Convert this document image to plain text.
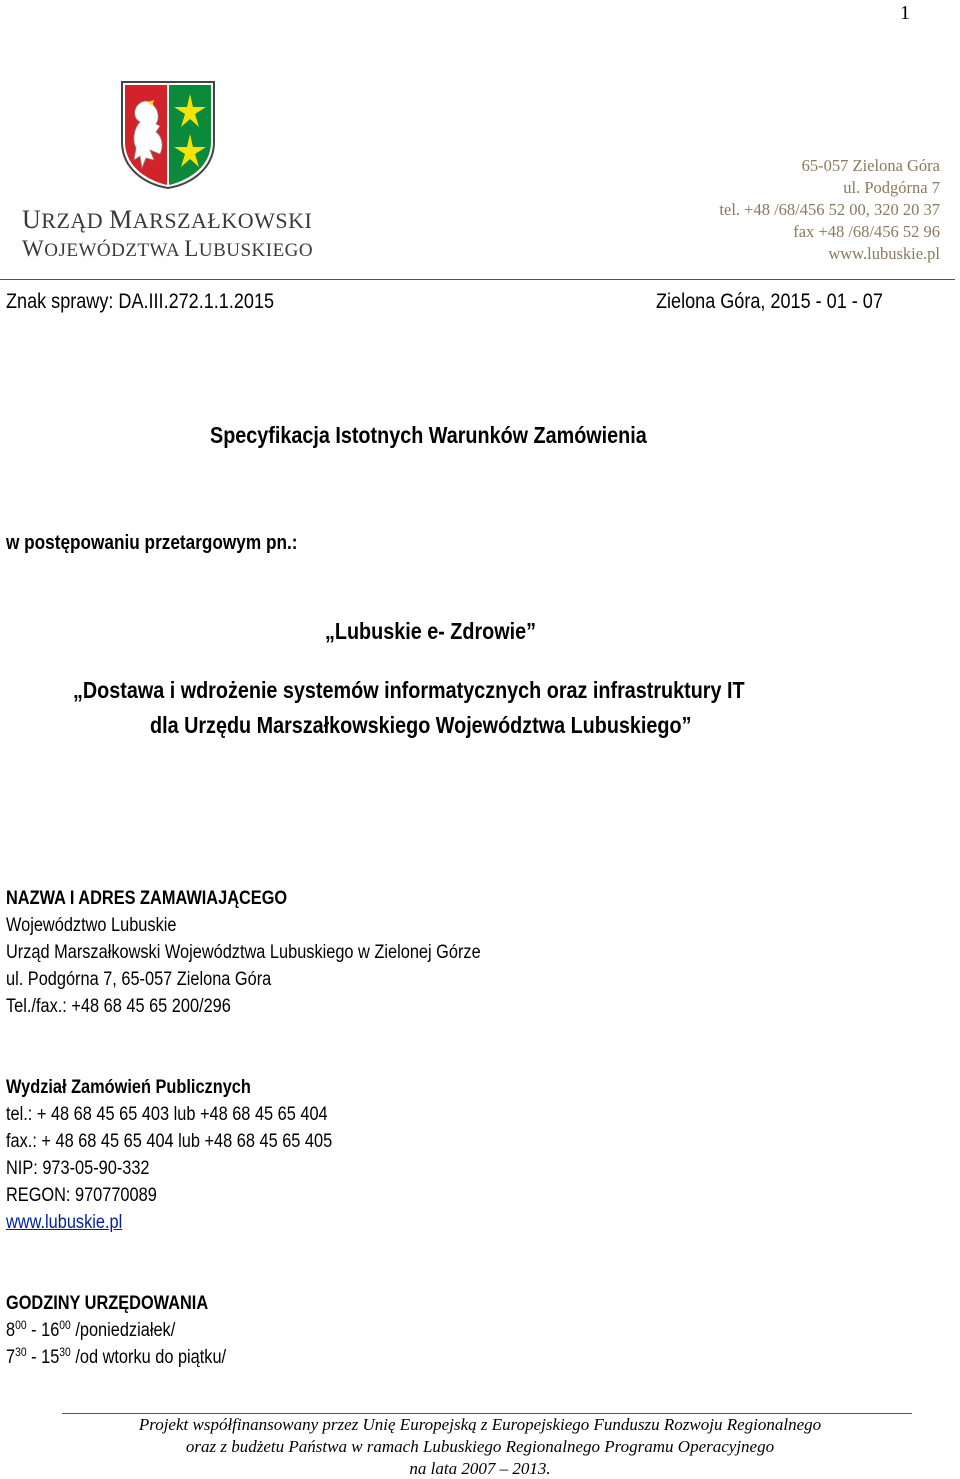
1
URZĄD MARSZAŁKOWSKI
WOJEWÓDZTWA LUBUSKIEGO
65-057 Zielona Góra
ul. Podgórna 7
tel. +48 /68/456 52 00, 320 20 37
fax +48 /68/456 52 96
www.lubuskie.pl
Znak sprawy: DA.III.272.1.1.2015	Zielona Góra, 2015 - 01 - 07
Specyfikacja Istotnych Warunków Zamówienia
w postępowaniu przetargowym pn.:
„Lubuskie e- Zdrowie”
„Dostawa i wdrożenie systemów informatycznych oraz infrastruktury IT
dla Urzędu Marszałkowskiego Województwa Lubuskiego”
NAZWA I ADRES ZAMAWIAJĄCEGO
Województwo Lubuskie
Urząd Marszałkowski Województwa Lubuskiego w Zielonej Górze
ul. Podgórna 7, 65-057 Zielona Góra
Tel./fax.: +48 68 45 65 200/296
Wydział Zamówień Publicznych
tel.: + 48 68 45 65 403 lub +48 68 45 65 404
fax.: + 48 68 45 65 404 lub +48 68 45 65 405
NIP: 973-05-90-332
REGON: 970770089
www.lubuskie.pl
GODZINY URZĘDOWANIA
$8^{00} - 16^{00}$ /poniedziałek/
$7^{30} - 15^{30}$ /od wtorku do piątku/
Projekt współfinansowany przez Unię Europejską z Europejskiego Funduszu Rozwoju Regionalnego
oraz z budżetu Państwa w ramach Lubuskiego Regionalnego Programu Operacyjnego
na lata 2007 – 2013.
